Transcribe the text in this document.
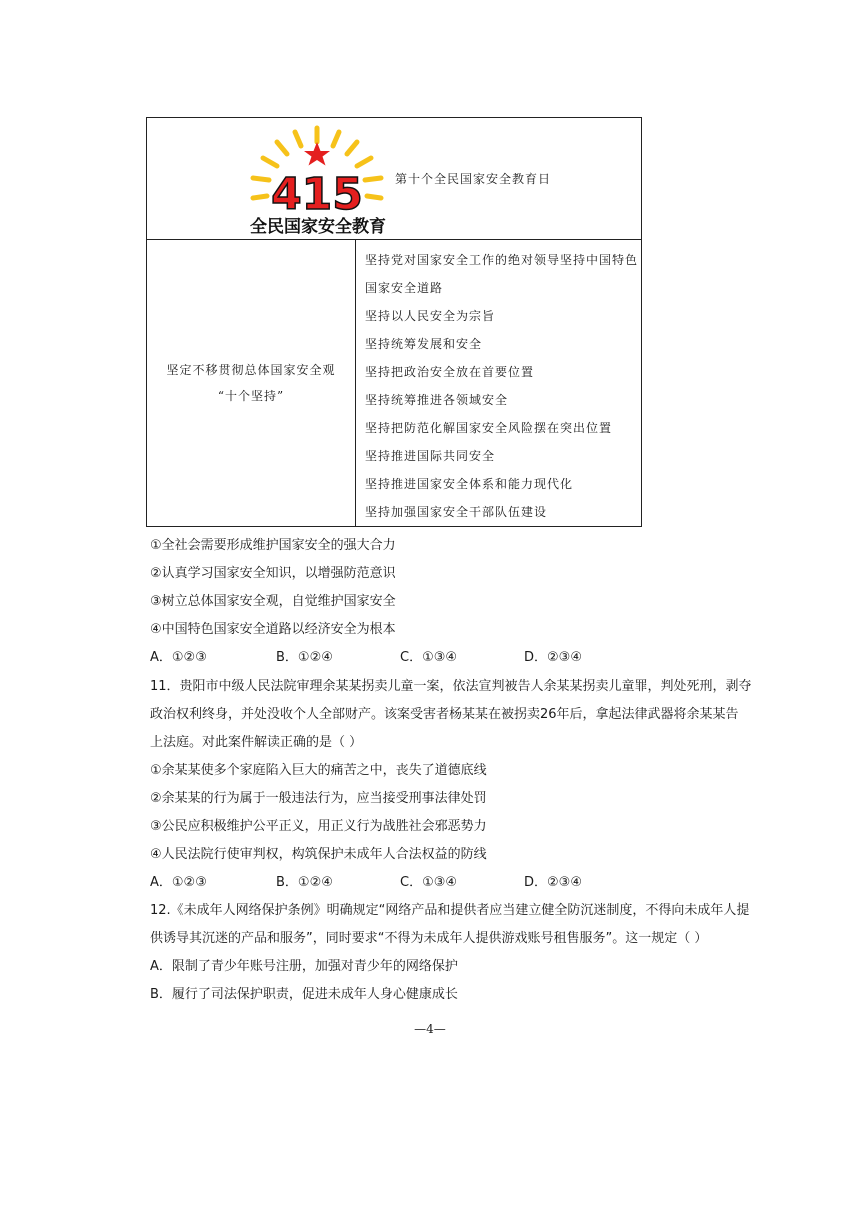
415
全民国家安全教育
第十个全民国家安全教育日
坚定不移贯彻总体国家安全观
“十个坚持”
坚持党对国家安全工作的绝对领导坚持中国特色
国家安全道路
坚持以人民安全为宗旨
坚持统筹发展和安全
坚持把政治安全放在首要位置
坚持统筹推进各领域安全
坚持把防范化解国家安全风险摆在突出位置
坚持推进国际共同安全
坚持推进国家安全体系和能力现代化
坚持加强国家安全干部队伍建设
①全社会需要形成维护国家安全的强大合力
②认真学习国家安全知识，以增强防范意识
③树立总体国家安全观，自觉维护国家安全
④中国特色国家安全道路以经济安全为根本
A．①②③	B．①②④	C．①③④	D．②③④
11．贵阳市中级人民法院审理余某某拐卖儿童一案，依法宣判被告人余某某拐卖儿童罪，判处死刑，剥夺
政治权利终身，并处没收个人全部财产。该案受害者杨某某在被拐卖26年后，拿起法律武器将余某某告
上法庭。对此案件解读正确的是（ ）
①余某某使多个家庭陷入巨大的痛苦之中，丧失了道德底线
②余某某的行为属于一般违法行为，应当接受刑事法律处罚
③公民应积极维护公平正义，用正义行为战胜社会邪恶势力
④人民法院行使审判权，构筑保护未成年人合法权益的防线
A．①②③	B．①②④	C．①③④	D．②③④
12.《未成年人网络保护条例》明确规定“网络产品和提供者应当建立健全防沉迷制度，不得向未成年人提
供诱导其沉迷的产品和服务”，同时要求“不得为未成年人提供游戏账号租售服务”。这一规定（ ）
A．限制了青少年账号注册，加强对青少年的网络保护
B．履行了司法保护职责，促进未成年人身心健康成长
—4—
